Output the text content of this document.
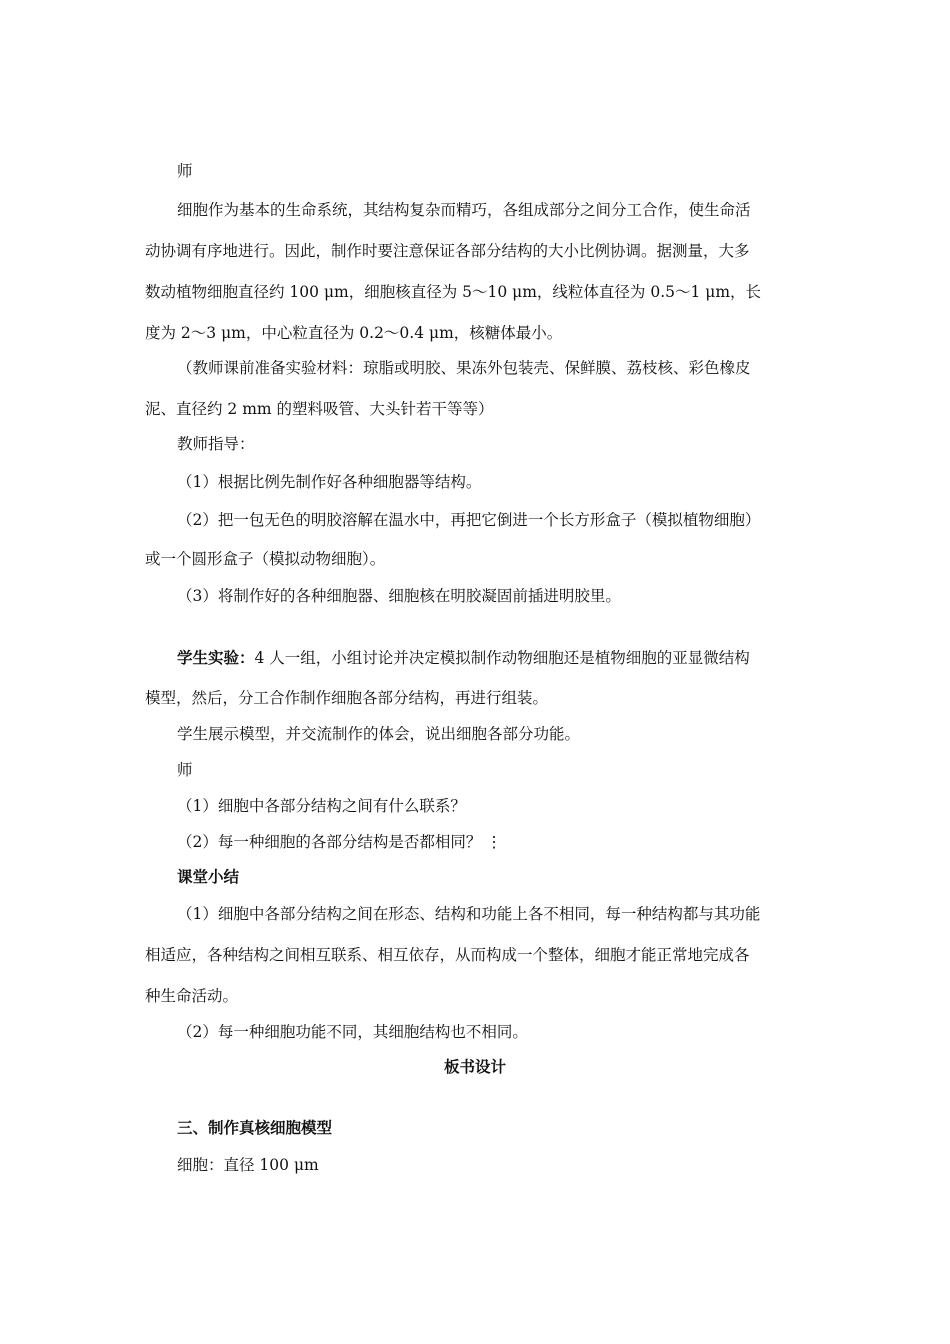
师
细胞作为基本的生命系统，其结构复杂而精巧，各组成部分之间分工合作，使生命活
动协调有序地进行。因此，制作时要注意保证各部分结构的大小比例协调。据测量，大多
数动植物细胞直径约 100 μm，细胞核直径为 5～10 μm，线粒体直径为 0.5～1 μm，长
度为 2～3 μm，中心粒直径为 0.2～0.4 μm，核糖体最小。
（教师课前准备实验材料：琼脂或明胶、果冻外包装壳、保鲜膜、荔枝核、彩色橡皮
泥、直径约 2 mm 的塑料吸管、大头针若干等等）
教师指导：
（1）根据比例先制作好各种细胞器等结构。
（2）把一包无色的明胶溶解在温水中，再把它倒进一个长方形盒子（模拟植物细胞）
或一个圆形盒子（模拟动物细胞）。
（3）将制作好的各种细胞器、细胞核在明胶凝固前插进明胶里。
学生实验：4 人一组，小组讨论并决定模拟制作动物细胞还是植物细胞的亚显微结构
模型，然后，分工合作制作细胞各部分结构，再进行组装。
学生展示模型，并交流制作的体会，说出细胞各部分功能。
师
（1）细胞中各部分结构之间有什么联系？
（2）每一种细胞的各部分结构是否都相同？ ⋮
课堂小结
（1）细胞中各部分结构之间在形态、结构和功能上各不相同，每一种结构都与其功能
相适应，各种结构之间相互联系、相互依存，从而构成一个整体，细胞才能正常地完成各
种生命活动。
（2）每一种细胞功能不同，其细胞结构也不相同。
板书设计
三、制作真核细胞模型
细胞：直径 100 μm
